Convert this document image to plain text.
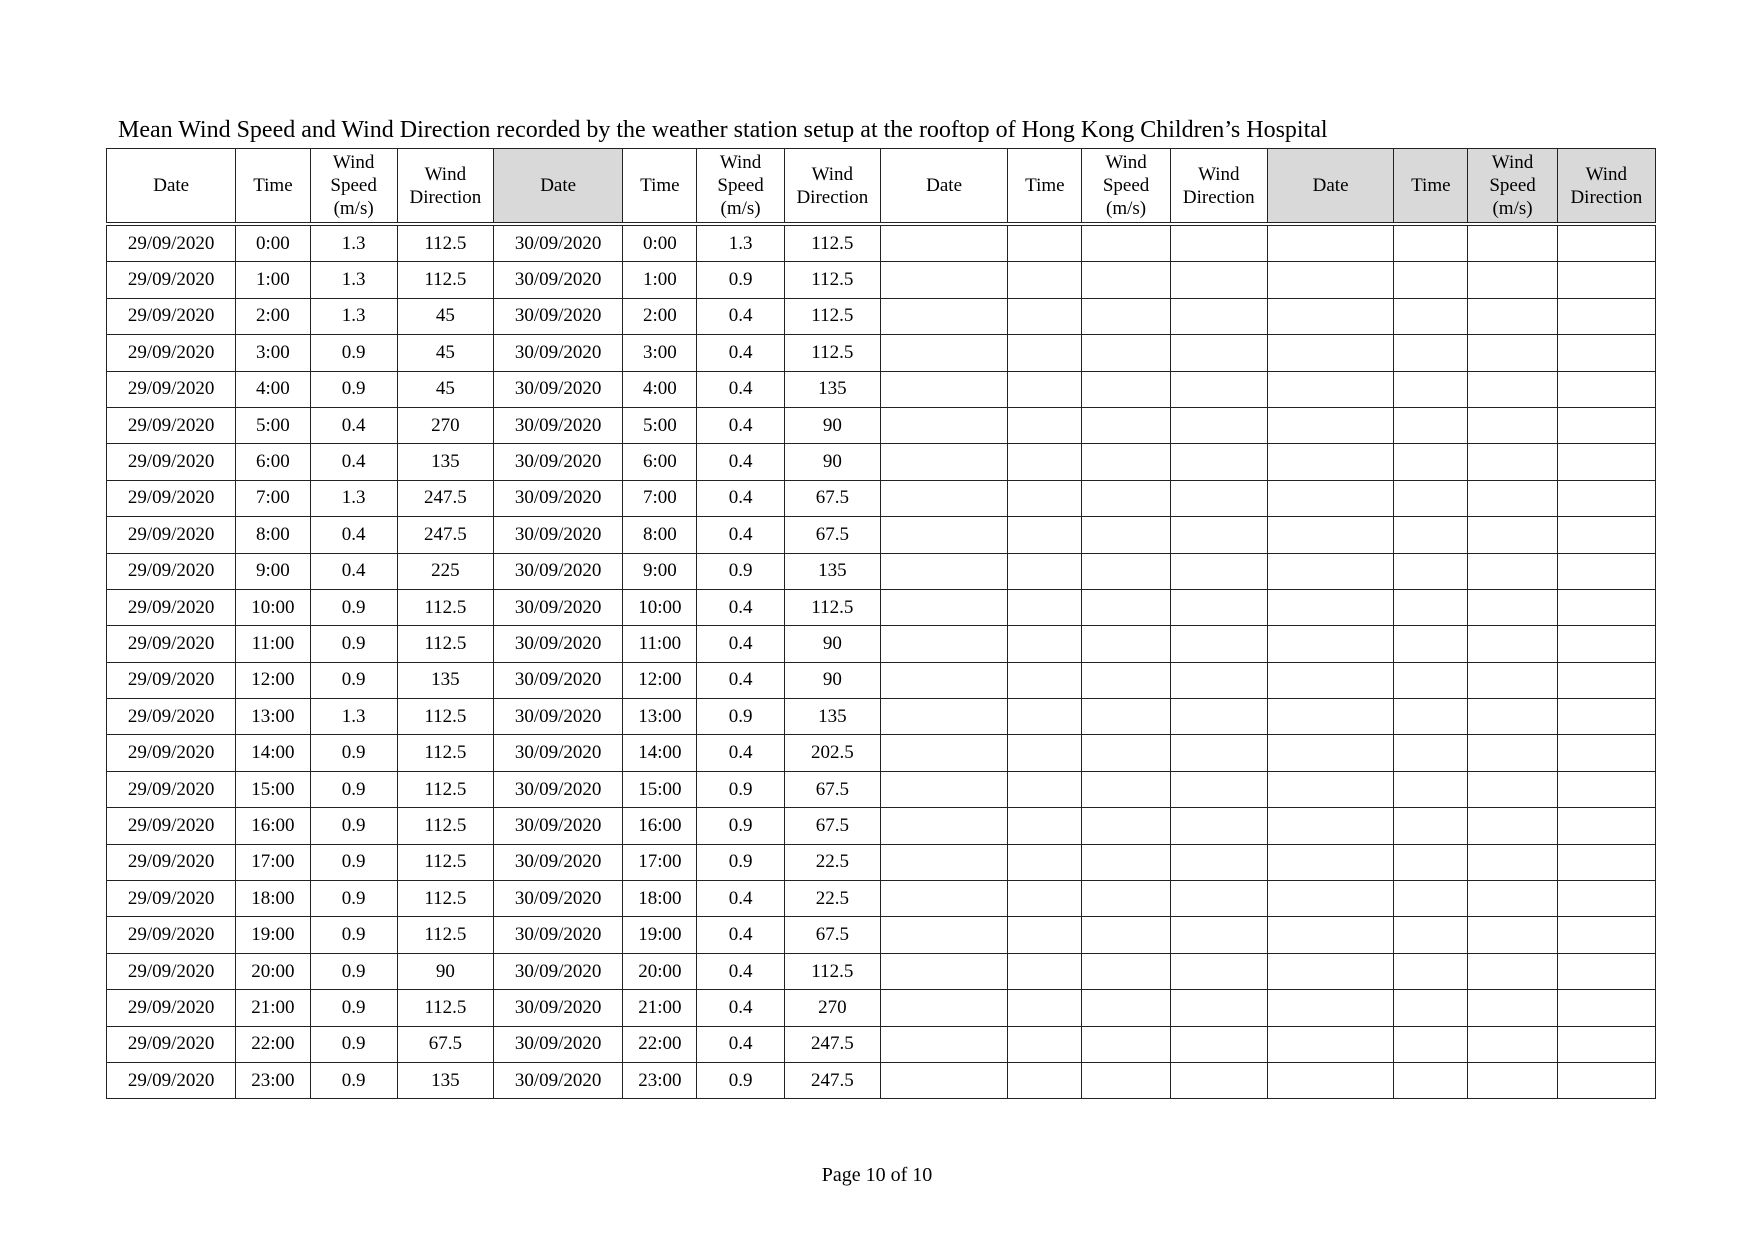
Mean Wind Speed and Wind Direction recorded by the weather station setup at the rooftop of Hong Kong Children’s Hospital
Date	Time	Wind
Speed
(m/s)	Wind
Direction	Date	Time	Wind
Speed
(m/s)	Wind
Direction	Date	Time	Wind
Speed
(m/s)	Wind
Direction	Date	Time	Wind
Speed
(m/s)	Wind
Direction
29/09/2020	0:00	1.3	112.5	30/09/2020	0:00	1.3	112.5								
29/09/2020	1:00	1.3	112.5	30/09/2020	1:00	0.9	112.5								
29/09/2020	2:00	1.3	45	30/09/2020	2:00	0.4	112.5								
29/09/2020	3:00	0.9	45	30/09/2020	3:00	0.4	112.5								
29/09/2020	4:00	0.9	45	30/09/2020	4:00	0.4	135								
29/09/2020	5:00	0.4	270	30/09/2020	5:00	0.4	90								
29/09/2020	6:00	0.4	135	30/09/2020	6:00	0.4	90								
29/09/2020	7:00	1.3	247.5	30/09/2020	7:00	0.4	67.5								
29/09/2020	8:00	0.4	247.5	30/09/2020	8:00	0.4	67.5								
29/09/2020	9:00	0.4	225	30/09/2020	9:00	0.9	135								
29/09/2020	10:00	0.9	112.5	30/09/2020	10:00	0.4	112.5								
29/09/2020	11:00	0.9	112.5	30/09/2020	11:00	0.4	90								
29/09/2020	12:00	0.9	135	30/09/2020	12:00	0.4	90								
29/09/2020	13:00	1.3	112.5	30/09/2020	13:00	0.9	135								
29/09/2020	14:00	0.9	112.5	30/09/2020	14:00	0.4	202.5								
29/09/2020	15:00	0.9	112.5	30/09/2020	15:00	0.9	67.5								
29/09/2020	16:00	0.9	112.5	30/09/2020	16:00	0.9	67.5								
29/09/2020	17:00	0.9	112.5	30/09/2020	17:00	0.9	22.5								
29/09/2020	18:00	0.9	112.5	30/09/2020	18:00	0.4	22.5								
29/09/2020	19:00	0.9	112.5	30/09/2020	19:00	0.4	67.5								
29/09/2020	20:00	0.9	90	30/09/2020	20:00	0.4	112.5								
29/09/2020	21:00	0.9	112.5	30/09/2020	21:00	0.4	270								
29/09/2020	22:00	0.9	67.5	30/09/2020	22:00	0.4	247.5								
29/09/2020	23:00	0.9	135	30/09/2020	23:00	0.9	247.5								
Page 10 of 10
